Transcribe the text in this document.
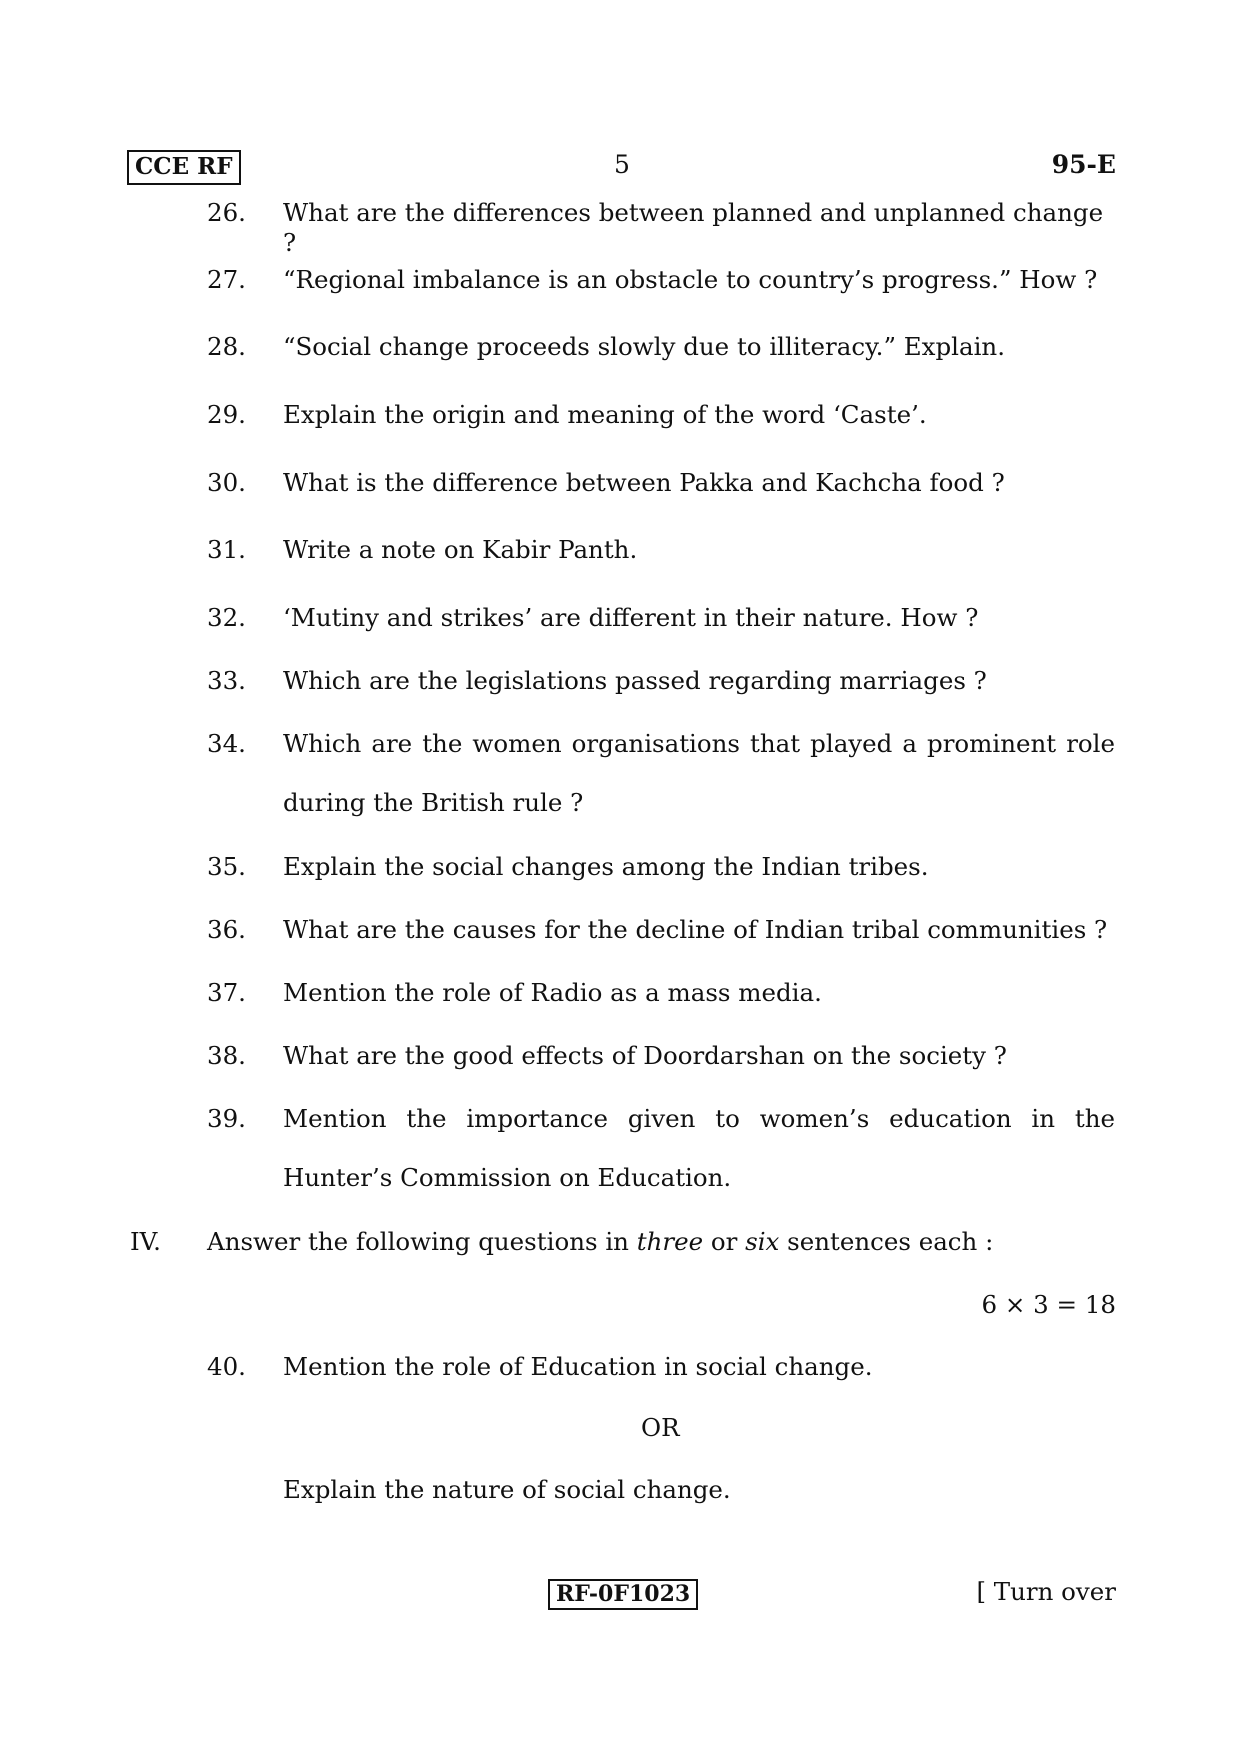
CCE RF	5	95-E
26. What are the differences between planned and unplanned change ?
27. “Regional imbalance is an obstacle to country’s progress.” How ?
28. “Social change proceeds slowly due to illiteracy.” Explain.
29. Explain the origin and meaning of the word ‘Caste’.
30. What is the difference between Pakka and Kachcha food ?
31. Write a note on Kabir Panth.
32. ‘Mutiny and strikes’ are different in their nature. How ?
33. Which are the legislations passed regarding marriages ?
34. Which are the women organisations that played a prominent role
during the British rule ?
35. Explain the social changes among the Indian tribes.
36. What are the causes for the decline of Indian tribal communities ?
37. Mention the role of Radio as a mass media.
38. What are the good effects of Doordarshan on the society ?
39. Mention the importance given to women’s education in the
Hunter’s Commission on Education.
IV. Answer the following questions in three or six sentences each :
6 × 3 = 18
40. Mention the role of Education in social change.
OR
Explain the nature of social change.
RF-0F1023	[ Turn over
